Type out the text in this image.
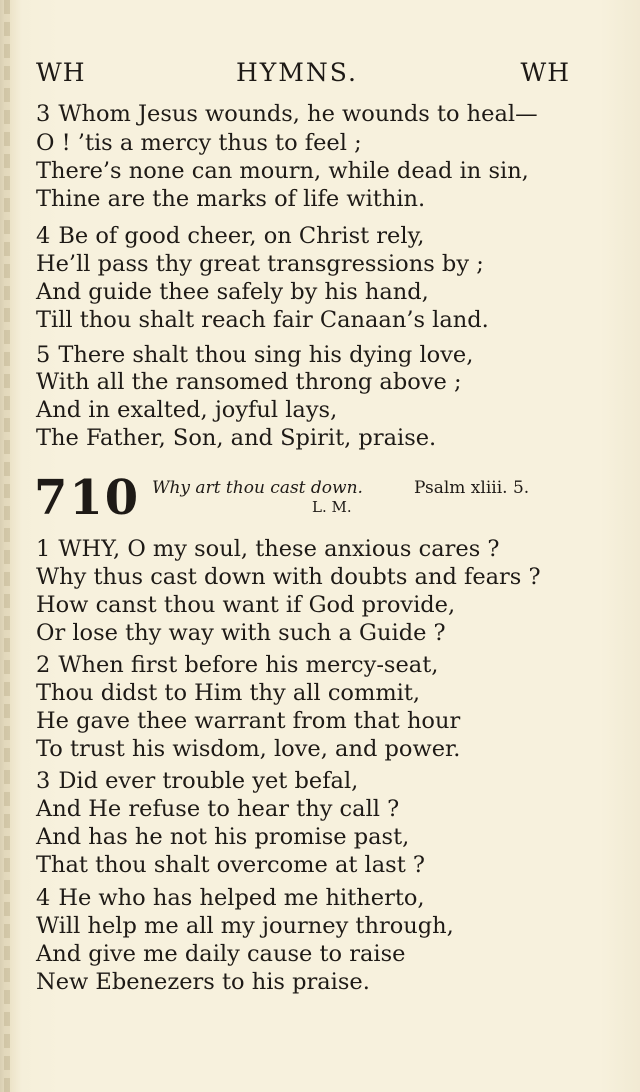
WH	HYMNS.	WH
3 Whom Jesus wounds, he wounds to heal—
O ! ’tis a mercy thus to feel ;
There’s none can mourn, while dead in sin,
Thine are the marks of life within.
4 Be of good cheer, on Christ rely,
He’ll pass thy great transgressions by ;
And guide thee safely by his hand,
Till thou shalt reach fair Canaan’s land.
5 There shalt thou sing his dying love,
With all the ransomed throng above ;
And in exalted, joyful lays,
The Father, Son, and Spirit, praise.
710 Why art thou cast down.	Psalm xliii. 5.
L. M.
1 WHY, O my soul, these anxious cares ?
Why thus cast down with doubts and fears ?
How canst thou want if God provide,
Or lose thy way with such a Guide ?
2 When first before his mercy-seat,
Thou didst to Him thy all commit,
He gave thee warrant from that hour
To trust his wisdom, love, and power.
3 Did ever trouble yet befal,
And He refuse to hear thy call ?
And has he not his promise past,
That thou shalt overcome at last ?
4 He who has helped me hitherto,
Will help me all my journey through,
And give me daily cause to raise
New Ebenezers to his praise.
